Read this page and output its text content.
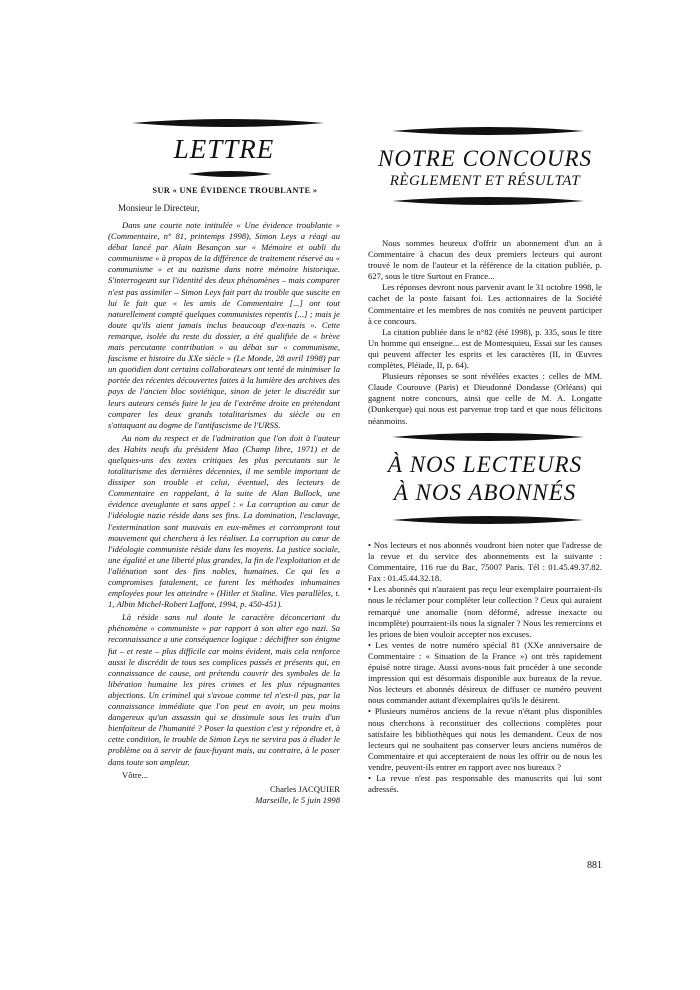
LETTRE
SUR « UNE ÉVIDENCE TROUBLANTE »
Monsieur le Directeur,

Dans une courte note intitulée « Une évidence troublante » (Commentaire, n° 81, printemps 1998), Simon Leys a réagi au débat lancé par Alain Besançon sur « Mémoire et oubli du communisme » à propos de la différence de traitement réservé au « communisme » et au nazisme dans notre mémoire historique. S'interrogeant sur l'identité des deux phénomènes – mais comparer n'est pas assimiler – Simon Leys fait part du trouble que suscite en lui le fait que « les amis de Commentaire [...] ont tout naturellement compté quelques communistes repentis [...] ; mais je doute qu'ils aient jamais inclus beaucoup d'ex-nazis ». Cette remarque, isolée du reste du dossier, a été qualifiée de « brève mais percutante contribution » au débat sur « communisme, fascisme et histoire du XXe siècle » (Le Monde, 28 avril 1998) par un quotidien dont certains collaborateurs ont tenté de minimiser la portée des récentes découvertes faites à la lumière des archives des pays de l'ancien bloc soviétique, sinon de jeter le discrédit sur leurs auteurs censés faire le jeu de l'extrême droite en prétendant comparer les deux grands totalitarismes du siècle ou en s'attaquant au dogme de l'antifascisme de l'URSS.

Au nom du respect et de l'admiration que l'on doit à l'auteur des Habits neufs du président Mao (Champ libre, 1971) et de quelques-uns des textes critiques les plus percutants sur le totalitarisme des dernières décennies, il me semble important de dissiper son trouble et celui, éventuel, des lecteurs de Commentaire en rappelant, à la suite de Alan Bullock, une évidence aveuglante et sans appel : « La corruption au cœur de l'idéologie nazie réside dans ses fins. La domination, l'esclavage, l'extermination sont mauvais en eux-mêmes et corrompront tout mouvement qui cherchera à les réaliser. La corruption au cœur de l'idéologie communiste réside dans les moyens. La justice sociale, une égalité et une liberté plus grandes, la fin de l'exploitation et de l'aliénation sont des fins nobles, humaines. Ce qui les a compromises fatalement, ce furent les méthodes inhumaines employées pour les atteindre » (Hitler et Staline. Vies parallèles, t. 1, Albin Michel-Robert Laffont, 1994, p. 450-451).

Là réside sans nul doute le caractère déconcertant du phénomène « communiste » par rapport à son alter ego nazi. Sa reconnaissance a une conséquence logique : déchiffrer son énigme fut – et reste – plus difficile car moins évident, mais cela renforce aussi le discrédit de tous ses complices passés et présents qui, en connaissance de cause, ont prétendu couvrir des symboles de la libération humaine les pires crimes et les plus répugnantes abjections. Un criminel qui s'avoue comme tel n'est-il pas, par la connaissance immédiate que l'on peut en avoir, un peu moins dangereux qu'un assassin qui se dissimule sous les traits d'un bienfaiteur de l'humanité ? Poser la question c'est y répondre et, à cette condition, le trouble de Simon Leys ne servira pas à éluder le problème ou à servir de faux-fuyant mais, au contraire, à le poser dans toute son ampleur.

Vôtre...

Charles JACQUIER

Marseille, le 5 juin 1998

NOTRE CONCOURS
RÈGLEMENT ET RÉSULTAT

Nous sommes heureux d'offrir un abonnement d'un an à Commentaire à chacun des deux premiers lecteurs qui auront trouvé le nom de l'auteur et la référence de la citation publiée, p. 627, sous le titre Surtout en France...

Les réponses devront nous parvenir avant le 31 octobre 1998, le cachet de la poste faisant foi. Les actionnaires de la Société Commentaire et les membres de nos comités ne peuvent participer à ce concours.

La citation publiée dans le n°82 (été 1998), p. 335, sous le titre Un homme qui enseigne... est de Montesquieu, Essai sur les causes qui peuvent affecter les esprits et les caractères (II, in Œuvres complètes, Pléiade, II, p. 64).

Plusieurs réponses se sont révélées exactes : celles de MM. Claude Courouve (Paris) et Dieudonné Dondasse (Orléans) qui gagnent notre concours, ainsi que celle de M. A. Longatte (Dunkerque) qui nous est parvenue trop tard et que nous félicitons néanmoins.

À NOS LECTEURS
À NOS ABONNÉS

• Nos lecteurs et nos abonnés voudront bien noter que l'adresse de la revue et du service des abonnements est la suivante : Commentaire, 116 rue du Bac, 75007 Paris. Tél : 01.45.49.37.82. Fax : 01.45.44.32.18.

• Les abonnés qui n'auraient pas reçu leur exemplaire pourraient-ils nous le réclamer pour compléter leur collection ? Ceux qui auraient remarqué une anomalie (nom déformé, adresse inexacte ou incomplète) pourraient-ils nous la signaler ? Nous les remercions et les prions de bien vouloir accepter nos excuses.

• Les ventes de notre numéro spécial 81 (XXe anniversaire de Commentaire : « Situation de la France ») ont très rapidement épuisé notre tirage. Aussi avons-nous fait procéder à une seconde impression qui est désormais disponible aux bureaux de la revue. Nos lecteurs et abonnés désireux de diffuser ce numéro peuvent nous commander autant d'exemplaires qu'ils le désirent.

• Plusieurs numéros anciens de la revue n'étant plus disponibles nous cherchons à reconstituer des collections complètes pour satisfaire les bibliothèques qui nous les demandent. Ceux de nos lecteurs qui ne souhaitent pas conserver leurs anciens numéros de Commentaire et qui accepteraient de nous les offrir ou de nous les vendre, peuvent-ils entrer en rapport avec nos bureaux ?

• La revue n'est pas responsable des manuscrits qui lui sont adressés.

881
